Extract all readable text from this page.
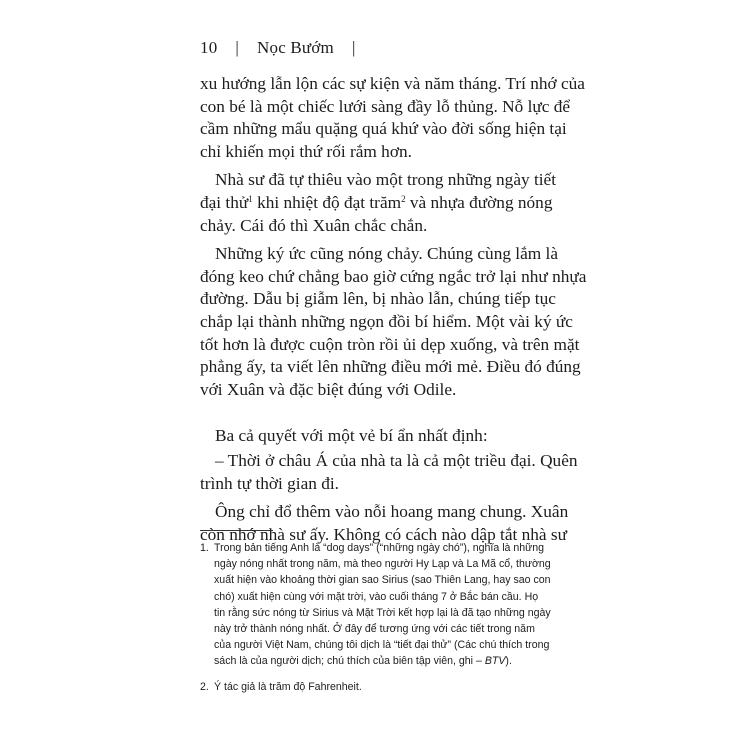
10 | Nọc Bướm |
xu hướng lẫn lộn các sự kiện và năm tháng. Trí nhớ của
con bé là một chiếc lưới sàng đầy lỗ thủng. Nỗ lực để
cầm những mẩu quặng quá khứ vào đời sống hiện tại
chỉ khiến mọi thứ rối rắm hơn.
Nhà sư đã tự thiêu vào một trong những ngày tiết
đại thử$^1$ khi nhiệt độ đạt trăm$^2$ và nhựa đường nóng
chảy. Cái đó thì Xuân chắc chắn.
Những ký ức cũng nóng chảy. Chúng cùng lắm là
đóng keo chứ chẳng bao giờ cứng ngắc trở lại như nhựa
đường. Dẫu bị giẫm lên, bị nhào lẫn, chúng tiếp tục
chắp lại thành những ngọn đồi bí hiểm. Một vài ký ức
tốt hơn là được cuộn tròn rồi ủi dẹp xuống, và trên mặt
phẳng ấy, ta viết lên những điều mới mẻ. Điều đó đúng
với Xuân và đặc biệt đúng với Odile.
Ba cả quyết với một vẻ bí ẩn nhất định:
– Thời ở châu Á của nhà ta là cả một triều đại. Quên
trình tự thời gian đi.
Ông chỉ đổ thêm vào nỗi hoang mang chung. Xuân
còn nhớ nhà sư ấy. Không có cách nào dập tắt nhà sư
1. Trong bản tiếng Anh là “dog days” (“những ngày chó”), nghĩa là những
ngày nóng nhất trong năm, mà theo người Hy Lạp và La Mã cổ, thường
xuất hiện vào khoảng thời gian sao Sirius (sao Thiên Lang, hay sao con
chó) xuất hiện cùng với mặt trời, vào cuối tháng 7 ở Bắc bán cầu. Họ
tin rằng sức nóng từ Sirius và Mặt Trời kết hợp lại là đã tạo những ngày
này trở thành nóng nhất. Ở đây để tương ứng với các tiết trong năm
của người Việt Nam, chúng tôi dịch là “tiết đại thử” (Các chú thích trong
sách là của người dịch; chú thích của biên tập viên, ghi – BTV).
2. Ý tác giả là trăm độ Fahrenheit.
